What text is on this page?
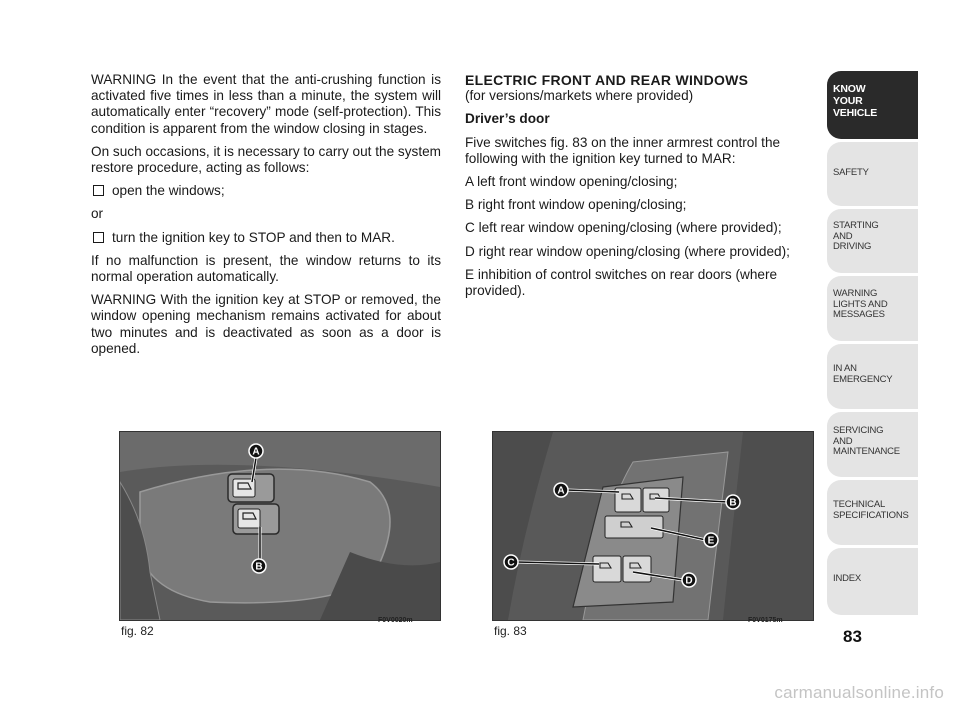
WARNING In the event that the anti-crushing function is activated five times in less than a minute, the system will automatically enter “recovery” mode (self-protection). This condition is apparent from the window closing in stages.

On such occasions, it is necessary to carry out the system restore procedure, acting as follows:

open the windows;

or

turn the ignition key to STOP and then to MAR.

If no malfunction is present, the window returns to its normal operation automatically.

WARNING With the ignition key at STOP or removed, the window opening mechanism remains activated for about two minutes and is deactivated as soon as a door is opened.

ELECTRIC FRONT AND REAR WINDOWS

(for versions/markets where provided)

Driver’s door

Five switches fig. 83 on the inner armrest control the following with the ignition key turned to MAR:

A left front window opening/closing;

B right front window opening/closing;

C left rear window opening/closing (where provided);

D right rear window opening/closing (where provided);

E inhibition of control switches on rear doors (where provided).

A
B
fig. 82
F0V0020m
A
B
E
C
D
fig. 83
F0V0175m
KNOW
YOUR
VEHICLE
SAFETY
STARTING
AND
DRIVING
WARNING
LIGHTS AND
MESSAGES
IN AN
EMERGENCY
SERVICING
AND
MAINTENANCE
TECHNICAL
SPECIFICATIONS
INDEX
83
carmanualsonline.info
